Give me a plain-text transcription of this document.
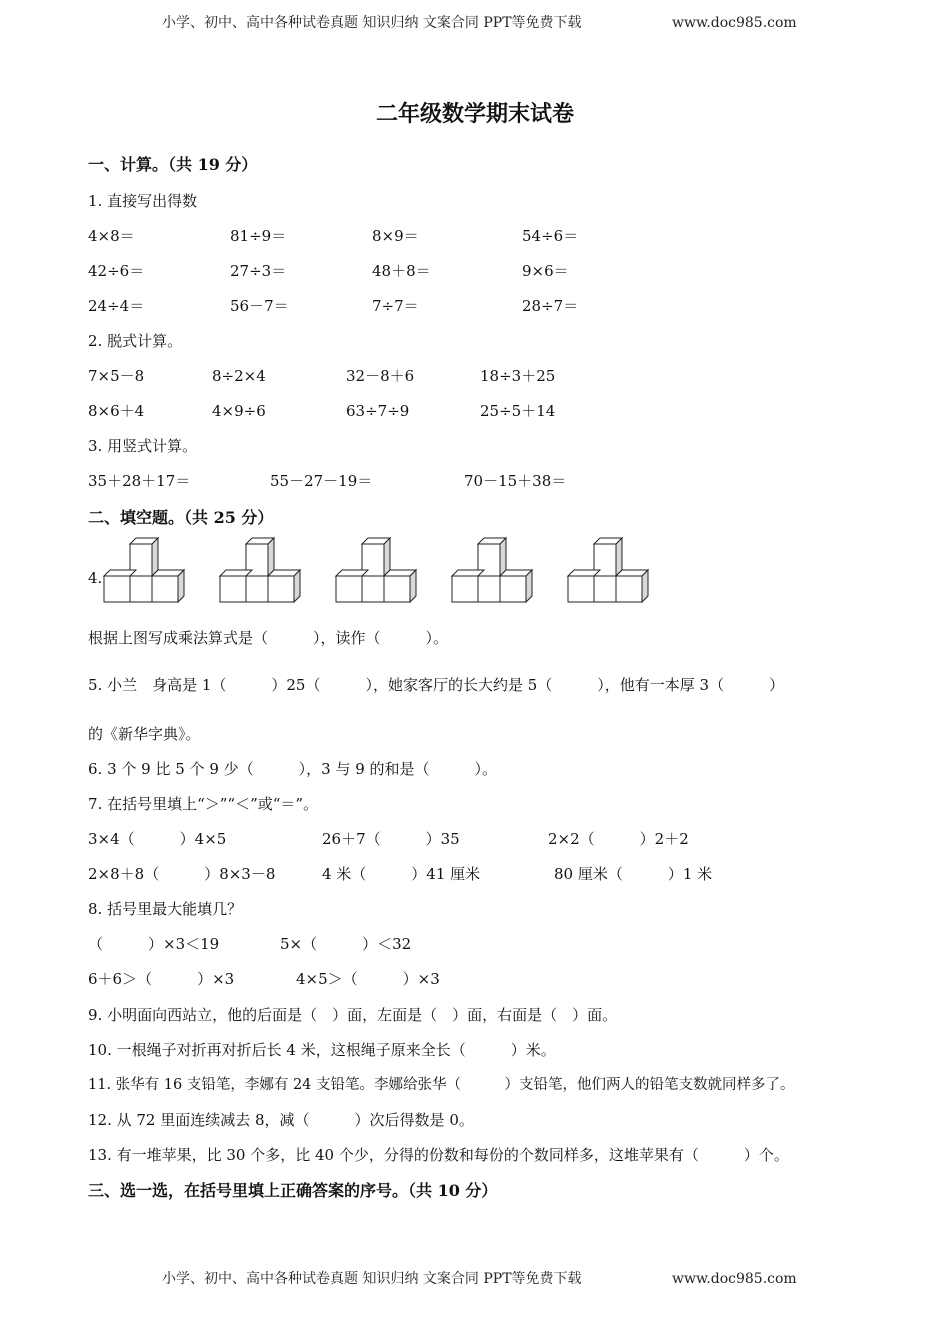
小学、初中、高中各种试卷真题 知识归纳 文案合同 PPT等免费下载	www.doc985.com
二年级数学期末试卷
一、计算。（共 19 分）
1. 直接写出得数
4×8＝	81÷9＝	8×9＝	54÷6＝
42÷6＝	27÷3＝	48＋8＝	9×6＝
24÷4＝	56－7＝	7÷7＝	28÷7＝
2. 脱式计算。
7×5－8	8÷2×4	32－8＋6	18÷3＋25
8×6＋4	4×9÷6	63÷7÷9	25÷5＋14
3. 用竖式计算。
35＋28＋17＝	55－27－19＝	70－15＋38＝
二、填空题。（共 25 分）
4.
根据上图写成乘法算式是（　　　），读作（　　　）。
5. 小兰　身高是 1（　　　）25（　　　），她家客厅的长大约是 5（　　　），他有一本厚 3（　　　）
的《新华字典》。
6. 3 个 9 比 5 个 9 少（　　　），3 与 9 的和是（　　　）。
7. 在括号里填上“＞”“＜”或“＝”。
3×4（　　　）4×5	26＋7（　　　）35	2×2（　　　）2＋2
2×8＋8（　　　）8×3－8	4 米（　　　）41 厘米	80 厘米（　　　）1 米
8. 括号里最大能填几？
（　　　）×3＜19	5×（　　　）＜32
6＋6＞（　　　）×3	4×5＞（　　　）×3
9. 小明面向西站立，他的后面是（　）面，左面是（　）面，右面是（　）面。
10. 一根绳子对折再对折后长 4 米，这根绳子原来全长（　　　）米。
11. 张华有 16 支铅笔，李娜有 24 支铅笔。李娜给张华（　　　）支铅笔，他们两人的铅笔支数就同样多了。
12. 从 72 里面连续减去 8，减（　　　）次后得数是 0。
13. 有一堆苹果，比 30 个多，比 40 个少，分得的份数和每份的个数同样多，这堆苹果有（　　　）个。
三、选一选，在括号里填上正确答案的序号。（共 10 分）
小学、初中、高中各种试卷真题 知识归纳 文案合同 PPT等免费下载	www.doc985.com
